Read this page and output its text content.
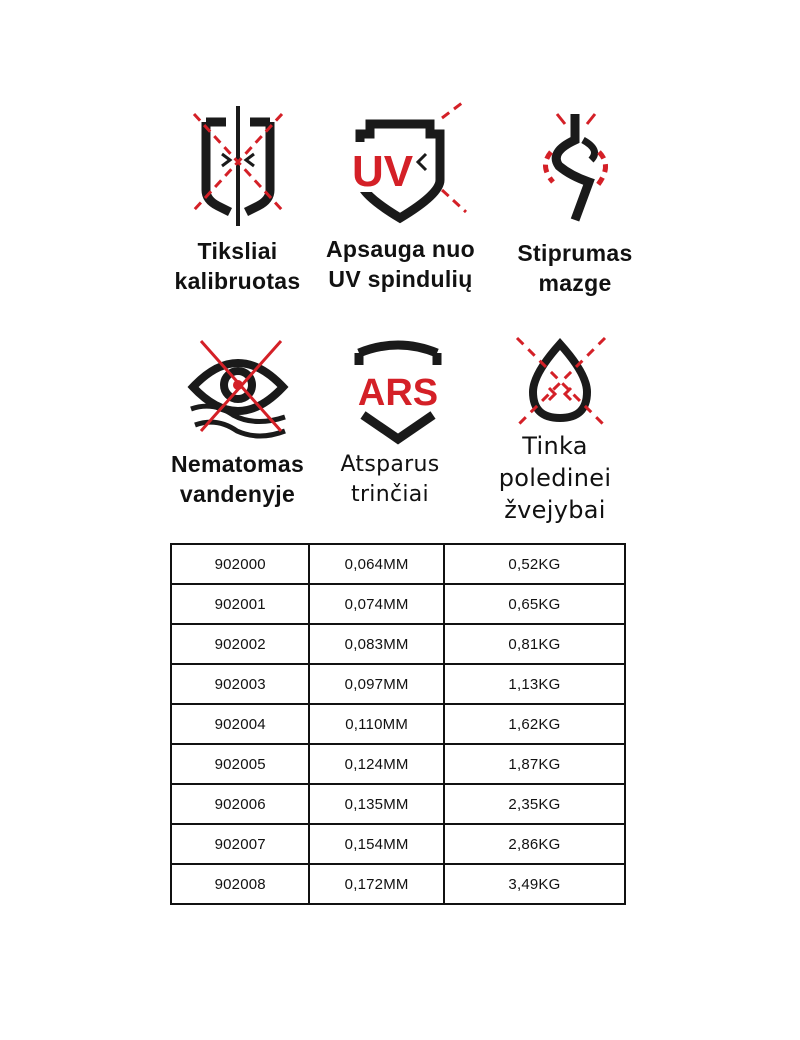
Tiksliai
kalibruotas
UV
Apsauga nuo
UV spindulių
Stiprumas
mazge
Nematomas
vandenyje
ARS
Atsparus
trinčiai
Tinka
poledinei
žvejybai
902000	0,064MM	0,52KG
902001	0,074MM	0,65KG
902002	0,083MM	0,81KG
902003	0,097MM	1,13KG
902004	0,110MM	1,62KG
902005	0,124MM	1,87KG
902006	0,135MM	2,35KG
902007	0,154MM	2,86KG
902008	0,172MM	3,49KG
